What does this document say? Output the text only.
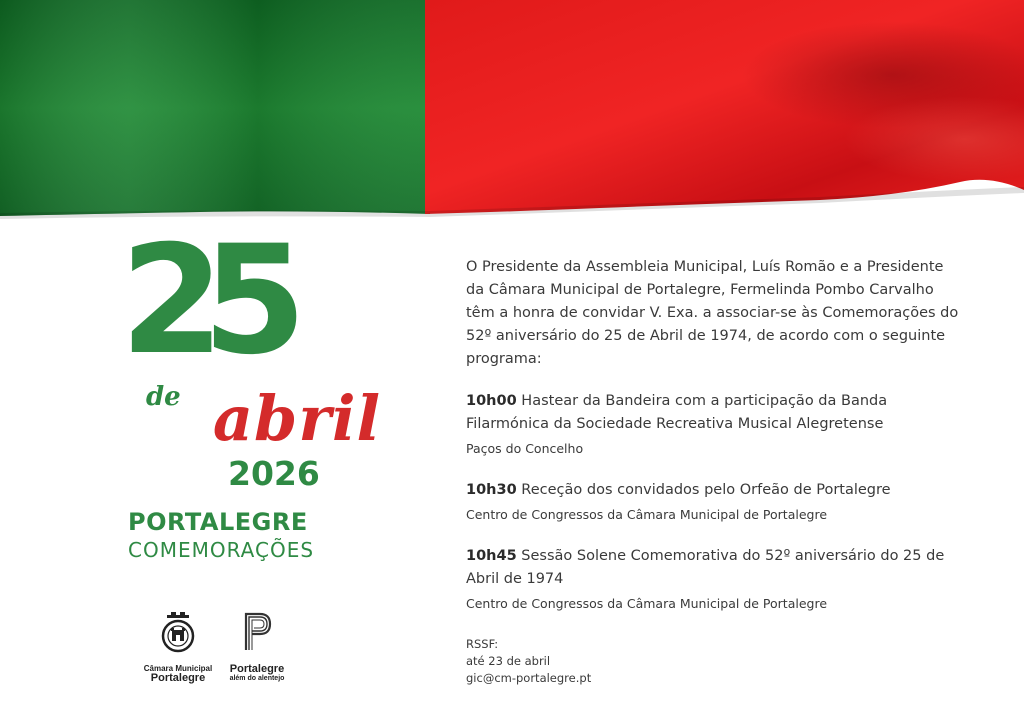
25
de abril
2026
PORTALEGRE
COMEMORAÇÕES
Câmara Municipal
Portalegre
Portalegre
além do alentejo

O Presidente da Assembleia Municipal, Luís Romão e a Presidente da Câmara Municipal de Portalegre, Fermelinda Pombo Carvalho têm a honra de convidar V. Exa. a associar-se às Comemorações do 52º aniversário do 25 de Abril de 1974, de acordo com o seguinte programa:

10h00 Hastear da Bandeira com a participação da Banda Filarmónica da Sociedade Recreativa Musical Alegretense

Paços do Concelho

10h30 Receção dos convidados pelo Orfeão de Portalegre

Centro de Congressos da Câmara Municipal de Portalegre

10h45 Sessão Solene Comemorativa do 52º aniversário do 25 de Abril de 1974

Centro de Congressos da Câmara Municipal de Portalegre

RSSF:
até 23 de abril
gic@cm-portalegre.pt
